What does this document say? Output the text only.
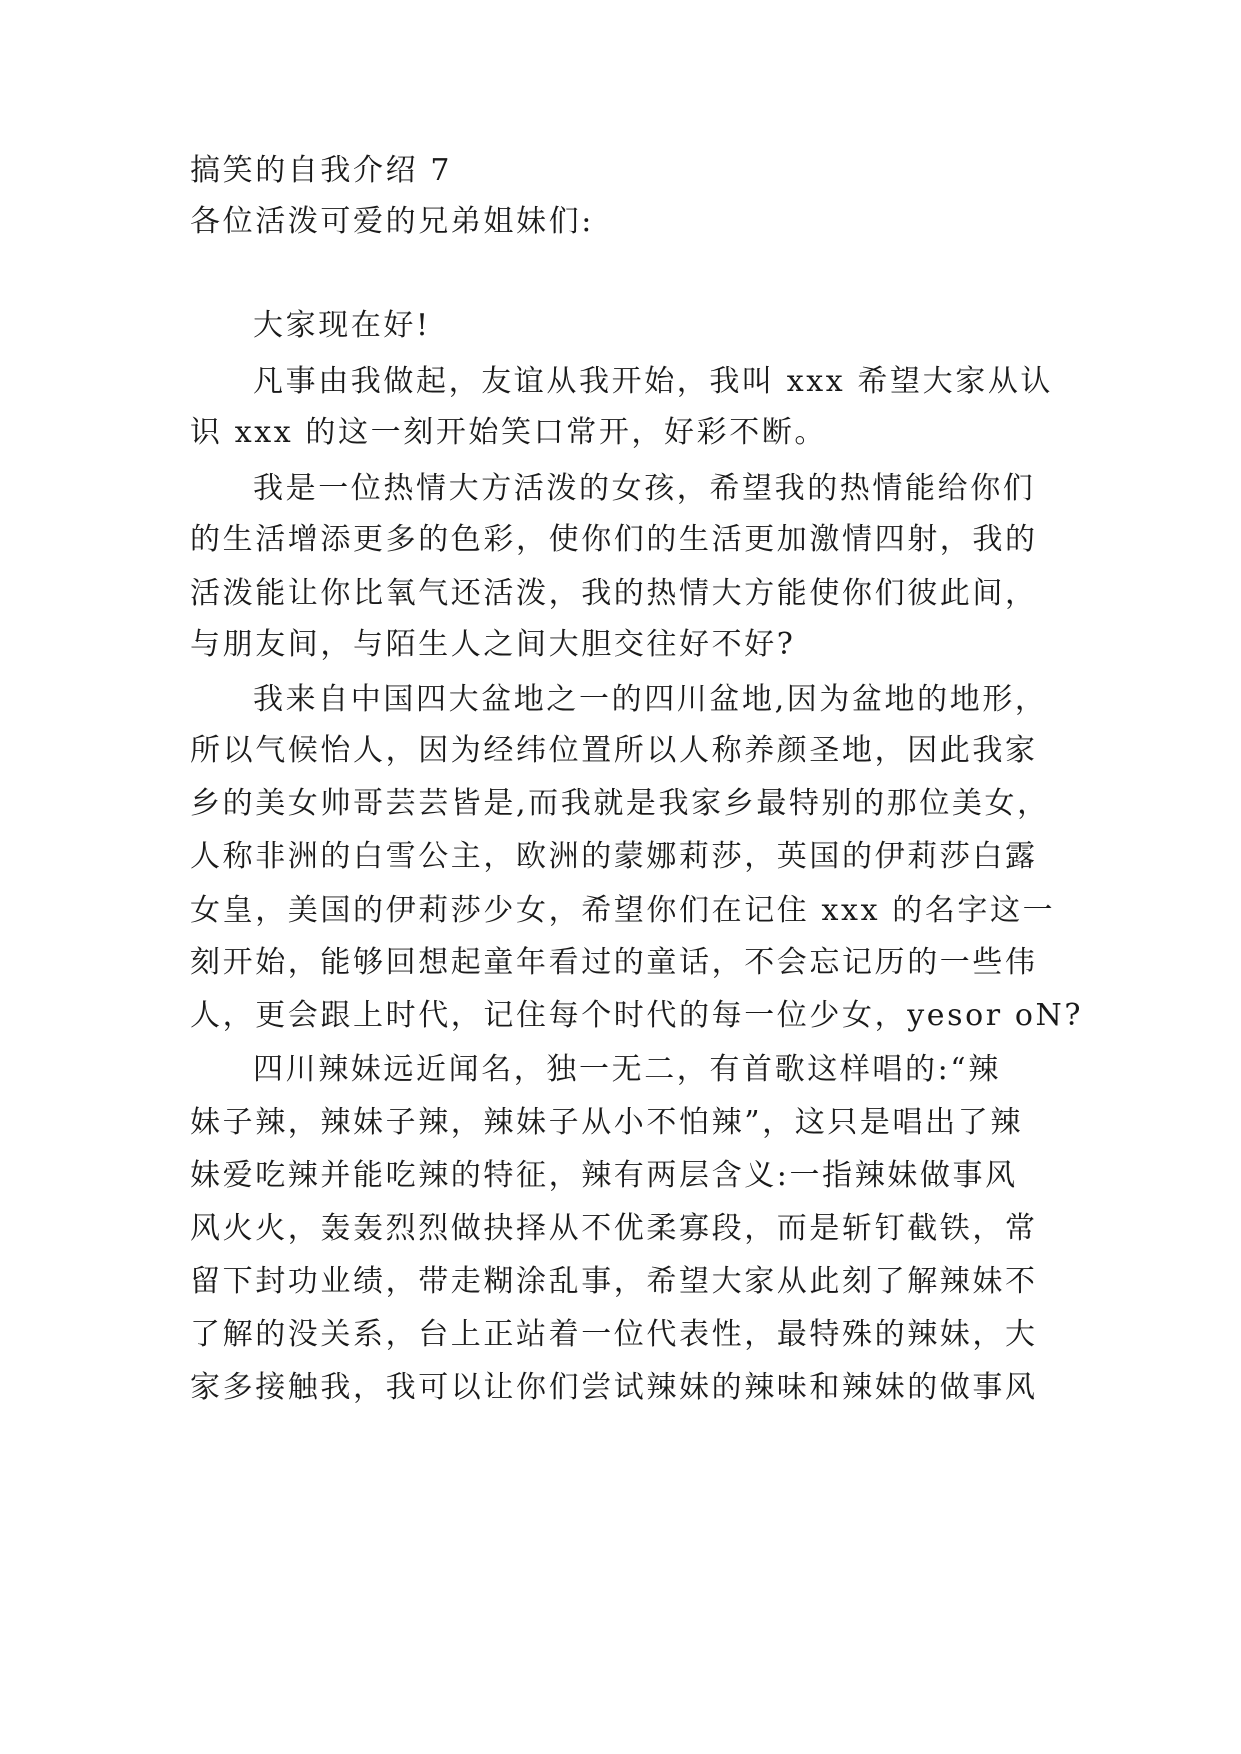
搞笑的自我介绍 7
各位活泼可爱的兄弟姐妹们:
大家现在好!
凡事由我做起，友谊从我开始，我叫 xxx 希望大家从认
识 xxx 的这一刻开始笑口常开，好彩不断。
我是一位热情大方活泼的女孩，希望我的热情能给你们
的生活增添更多的色彩，使你们的生活更加激情四射，我的
活泼能让你比氧气还活泼，我的热情大方能使你们彼此间，
与朋友间，与陌生人之间大胆交往好不好?
我来自中国四大盆地之一的四川盆地,因为盆地的地形，
所以气候怡人，因为经纬位置所以人称养颜圣地，因此我家
乡的美女帅哥芸芸皆是,而我就是我家乡最特别的那位美女，
人称非洲的白雪公主，欧洲的蒙娜莉莎，英国的伊莉莎白露
女皇，美国的伊莉莎少女，希望你们在记住 xxx 的名字这一
刻开始，能够回想起童年看过的童话，不会忘记历的一些伟
人，更会跟上时代，记住每个时代的每一位少女，yesor oN?
四川辣妹远近闻名，独一无二，有首歌这样唱的:“辣
妹子辣，辣妹子辣，辣妹子从小不怕辣”，这只是唱出了辣
妹爱吃辣并能吃辣的特征，辣有两层含义:一指辣妹做事风
风火火，轰轰烈烈做抉择从不优柔寡段，而是斩钉截铁，常
留下封功业绩，带走糊涂乱事，希望大家从此刻了解辣妹不
了解的没关系，台上正站着一位代表性，最特殊的辣妹，大
家多接触我，我可以让你们尝试辣妹的辣味和辣妹的做事风
